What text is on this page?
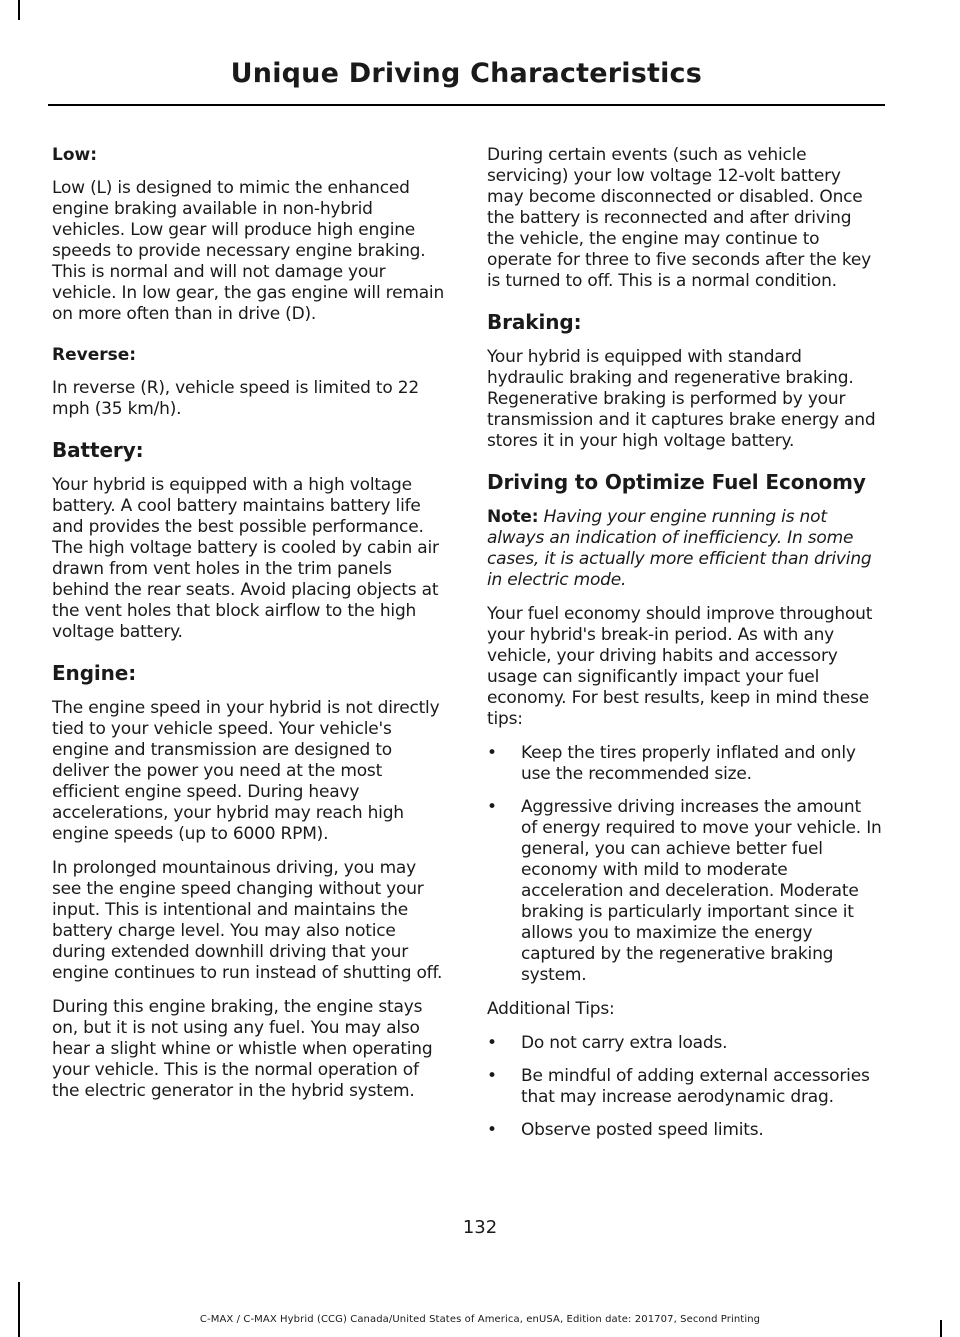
Unique Driving Characteristics
Low:

Low (L) is designed to mimic the enhanced engine braking available in non-hybrid vehicles. Low gear will produce high engine speeds to provide necessary engine braking. This is normal and will not damage your vehicle. In low gear, the gas engine will remain on more often than in drive (D).

Reverse:

In reverse (R), vehicle speed is limited to 22 mph (35 km/h).

Battery:

Your hybrid is equipped with a high voltage battery. A cool battery maintains battery life and provides the best possible performance. The high voltage battery is cooled by cabin air drawn from vent holes in the trim panels behind the rear seats. Avoid placing objects at the vent holes that block airflow to the high voltage battery.

Engine:

The engine speed in your hybrid is not directly tied to your vehicle speed. Your vehicle's engine and transmission are designed to deliver the power you need at the most efficient engine speed. During heavy accelerations, your hybrid may reach high engine speeds (up to 6000 RPM).

In prolonged mountainous driving, you may see the engine speed changing without your input. This is intentional and maintains the battery charge level. You may also notice during extended downhill driving that your engine continues to run instead of shutting off.

During this engine braking, the engine stays on, but it is not using any fuel. You may also hear a slight whine or whistle when operating your vehicle. This is the normal operation of the electric generator in the hybrid system.

During certain events (such as vehicle servicing) your low voltage 12-volt battery may become disconnected or disabled. Once the battery is reconnected and after driving the vehicle, the engine may continue to operate for three to five seconds after the key is turned to off. This is a normal condition.

Braking:

Your hybrid is equipped with standard hydraulic braking and regenerative braking. Regenerative braking is performed by your transmission and it captures brake energy and stores it in your high voltage battery.

Driving to Optimize Fuel Economy

Note: Having your engine running is not always an indication of inefficiency. In some cases, it is actually more efficient than driving in electric mode.

Your fuel economy should improve throughout your hybrid's break-in period. As with any vehicle, your driving habits and accessory usage can significantly impact your fuel economy. For best results, keep in mind these tips:

• Keep the tires properly inflated and only use the recommended size.
• Aggressive driving increases the amount of energy required to move your vehicle. In general, you can achieve better fuel economy with mild to moderate acceleration and deceleration. Moderate braking is particularly important since it allows you to maximize the energy captured by the regenerative braking system.

Additional Tips:

• Do not carry extra loads.
• Be mindful of adding external accessories that may increase aerodynamic drag.
• Observe posted speed limits.
132
C-MAX / C-MAX Hybrid (CCG) Canada/United States of America, enUSA, Edition date: 201707, Second Printing
